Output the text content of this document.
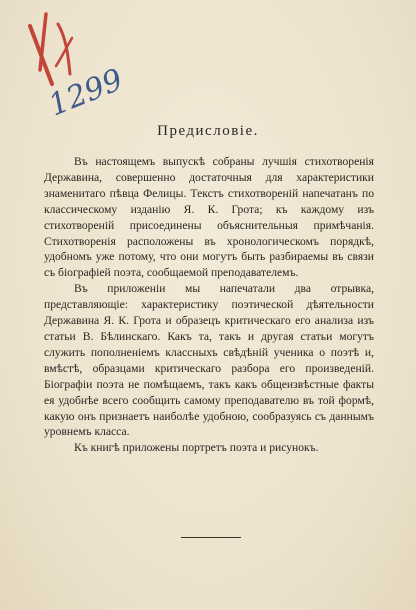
1299
Предисловіе.

Въ настоящемъ выпускѣ собраны лучшія стихотворенія Державина, совершенно достаточныя для характеристики знаменитаго пѣвца Фелицы. Текстъ стихотвореній напечатанъ по классическому изданію Я. К. Грота; къ каждому изъ стихотвореній присоединены объяснительныя примѣчанія. Стихотворенія расположены въ хронологическомъ порядкѣ, удобномъ уже потому, что они могутъ быть разбираемы въ связи съ біографіей поэта, сообщаемой преподавателемъ.

Въ приложеніи мы напечатали два отрывка, представляющіе: характеристику поэтической дѣятельности Державина Я. К. Грота и образецъ критическаго его анализа изъ статьи В. Бѣлинскаго. Какъ та, такъ и другая статьи могутъ служить пополненіемъ классныхъ свѣдѣній ученика о поэтѣ и, вмѣстѣ, образцами критическаго разбора его произведеній. Біографіи поэта не помѣщаемъ, такъ какъ общеизвѣстные факты ея удобнѣе всего сообщить самому преподавателю въ той формѣ, какую онъ признаетъ наиболѣе удобною, сообразуясь съ даннымъ уровнемъ класса.

Къ книгѣ приложены портретъ поэта и рисунокъ.
